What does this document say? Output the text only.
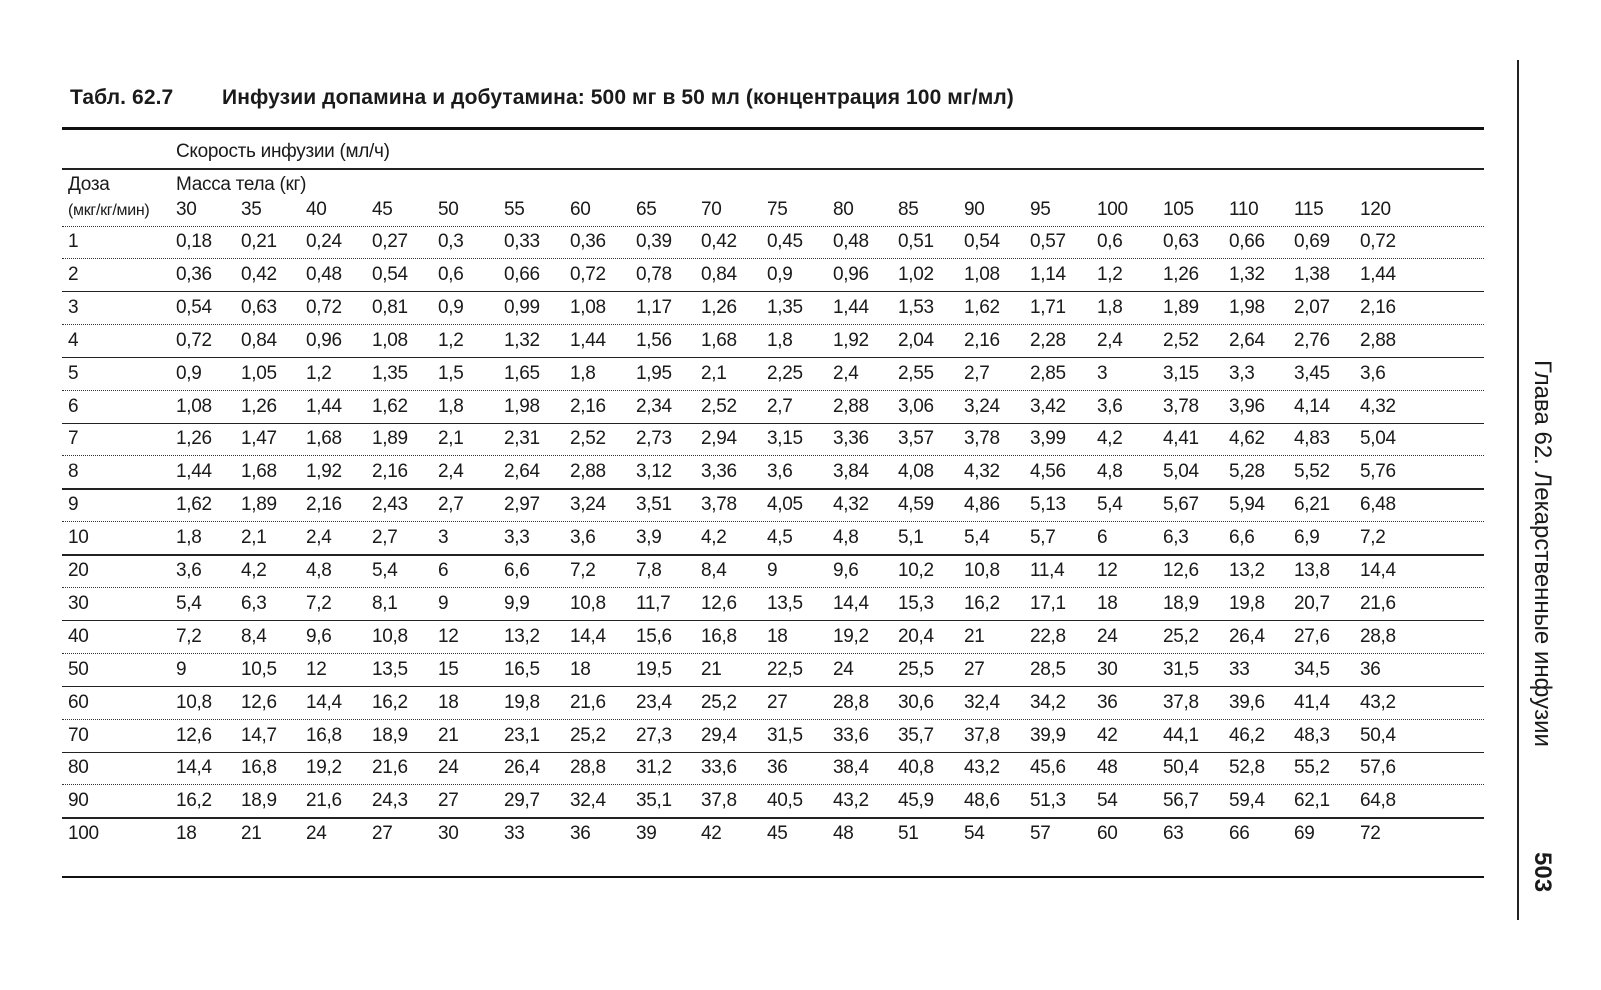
Табл. 62.7 Инфузии допамина и добутамина: 500 мг в 50 мл (концентрация 100 мг/мл)
Скорость инфузии (мл/ч)
Доза
(мкг/кг/мин)
Масса тела (кг)
30 35 40 45 50 55 60 65 70 75 80 85 90 95 100 105 110 115 120
1	0,18 0,21 0,24 0,27 0,3 0,33 0,36 0,39 0,42 0,45 0,48 0,51 0,54 0,57 0,6 0,63 0,66 0,69 0,72
2	0,36 0,42 0,48 0,54 0,6 0,66 0,72 0,78 0,84 0,9 0,96 1,02 1,08 1,14 1,2 1,26 1,32 1,38 1,44
3	0,54 0,63 0,72 0,81 0,9 0,99 1,08 1,17 1,26 1,35 1,44 1,53 1,62 1,71 1,8 1,89 1,98 2,07 2,16
4	0,72 0,84 0,96 1,08 1,2 1,32 1,44 1,56 1,68 1,8 1,92 2,04 2,16 2,28 2,4 2,52 2,64 2,76 2,88
5	0,9 1,05 1,2 1,35 1,5 1,65 1,8 1,95 2,1 2,25 2,4 2,55 2,7 2,85 3	3,15 3,3 3,45 3,6
6	1,08 1,26 1,44 1,62 1,8 1,98 2,16 2,34 2,52 2,7 2,88 3,06 3,24 3,42 3,6 3,78 3,96 4,14 4,32
7	1,26 1,47 1,68 1,89 2,1 2,31 2,52 2,73 2,94 3,15 3,36 3,57 3,78 3,99 4,2 4,41 4,62 4,83 5,04
8	1,44 1,68 1,92 2,16 2,4 2,64 2,88 3,12 3,36 3,6 3,84 4,08 4,32 4,56 4,8 5,04 5,28 5,52 5,76
9	1,62 1,89 2,16 2,43 2,7 2,97 3,24 3,51 3,78 4,05 4,32 4,59 4,86 5,13 5,4 5,67 5,94 6,21 6,48
10	1,8 2,1 2,4 2,7 3	3,3 3,6 3,9 4,2 4,5 4,8 5,1 5,4 5,7 6	6,3 6,6 6,9 7,2
20	3,6 4,2 4,8 5,4 6	6,6 7,2 7,8 8,4 9	9,6 10,2 10,8 11,4 12 12,6 13,2 13,8 14,4
30	5,4 6,3 7,2 8,1 9	9,9 10,8 11,7 12,6 13,5 14,4 15,3 16,2 17,1 18 18,9 19,8 20,7 21,6
40	7,2 8,4 9,6 10,8 12 13,2 14,4 15,6 16,8 18 19,2 20,4 21 22,8 24 25,2 26,4 27,6 28,8
50	9	10,5 12 13,5 15 16,5 18 19,5 21 22,5 24 25,5 27 28,5 30 31,5 33 34,5 36
60	10,8 12,6 14,4 16,2 18 19,8 21,6 23,4 25,2 27 28,8 30,6 32,4 34,2 36 37,8 39,6 41,4 43,2
70	12,6 14,7 16,8 18,9 21 23,1 25,2 27,3 29,4 31,5 33,6 35,7 37,8 39,9 42 44,1 46,2 48,3 50,4
80	14,4 16,8 19,2 21,6 24 26,4 28,8 31,2 33,6 36 38,4 40,8 43,2 45,6 48 50,4 52,8 55,2 57,6
90	16,2 18,9 21,6 24,3 27 29,7 32,4 35,1 37,8 40,5 43,2 45,9 48,6 51,3 54 56,7 59,4 62,1 64,8
100	18 21 24 27 30 33 36 39 42 45 48 51 54 57 60 63 66 69 72
Глава 62. Лекарственные инфузии
503
